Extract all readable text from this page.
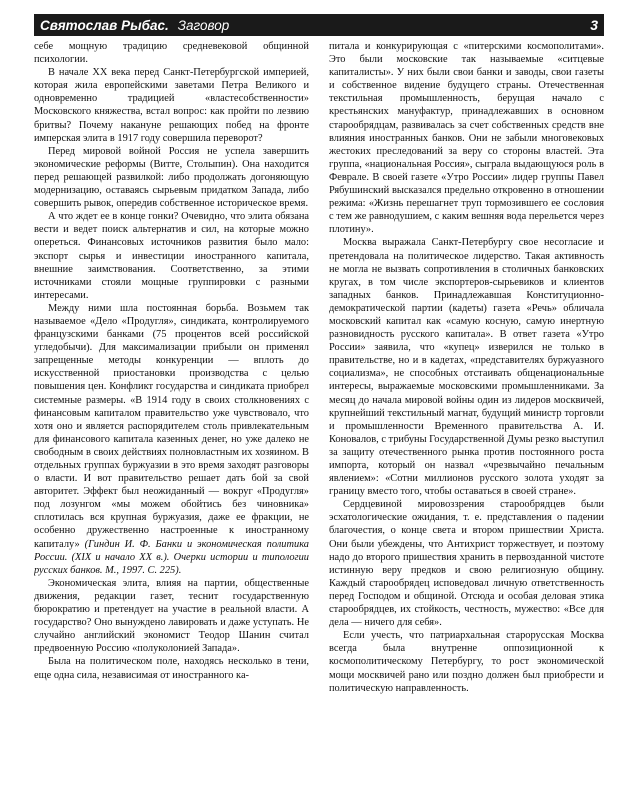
Святослав Рыбас. Заговор	3

себе мощную традицию средневековой общинной психологии.

В начале XX века перед Санкт-Петербургской империей, которая жила европейскими заветами Петра Великого и одновременно традицией «властесобственности» Московского княжества, встал вопрос: как пройти по лезвию бритвы? Почему накануне решающих побед на фронте имперская элита в 1917 году совершила переворот?

Перед мировой войной Россия не успела завершить экономические реформы (Витте, Столыпин). Она находится перед решающей развилкой: либо продолжать догоняющую модернизацию, оставаясь сырьевым придатком Запада, либо совершить рывок, опередив собственное историческое время.

А что ждет ее в конце гонки? Очевидно, что элита обязана вести и ведет поиск альтернатив и сил, на которые можно опереться. Финансовых источников развития было мало: экспорт сырья и инвестиции иностранного капитала, внешние заимствования. Соответственно, за этими источниками стояли мощные группировки с разными интересами.

Между ними шла постоянная борьба. Возьмем так называемое «Дело «Продугля», синдиката, контролируемого французскими банками (75 процентов всей российской угледобычи). Для максимализации прибыли он применял запрещенные методы конкуренции — вплоть до искусственной приостановки производства с целью повышения цен. Конфликт государства и синдиката приобрел системные размеры. «В 1914 году в своих столкновениях с финансовым капиталом правительство уже чувствовало, что хотя оно и является распорядителем столь привлекательным для финансового капитала казенных денег, но уже далеко не свободным в своих действиях полновластным их хозяином. В отдельных группах буржуазии в это время заходят разговоры о власти. И вот правительство решает дать бой за свой авторитет. Эффект был неожиданный — вокруг «Продугля» под лозунгом «мы можем обойтись без чиновника» сплотилась вся крупная буржуазия, даже ее фракции, не особенно дружественно настроенные к иностранному капиталу» (Гиндин И. Ф. Банки и экономическая политика России. (XIX и начало XX в.). Очерки истории и типологии русских банков. М., 1997. С. 225).

Экономическая элита, влияя на партии, общественные движения, редакции газет, теснит государственную бюрократию и претендует на участие в реальной власти. А государство? Оно вынуждено лавировать и даже уступать. Не случайно английский экономист Теодор Шанин считал предвоенную Россию «полуколонией Запада».

Была на политическом поле, находясь несколько в тени, еще одна сила, независимая от иностранного ка-

питала и конкурирующая с «питерскими космополитами». Это были московские так называемые «ситцевые капиталисты». У них были свои банки и заводы, свои газеты и собственное видение будущего страны. Отечественная текстильная промышленность, берущая начало с крестьянских мануфактур, принадлежавших в основном старообрядцам, развивалась за счет собственных средств вне влияния иностранных банков. Они не забыли многовековых жестоких преследований за веру со стороны властей. Эта группа, «национальная Россия», сыграла выдающуюся роль в Феврале. В своей газете «Утро России» лидер группы Павел Рябушинский высказался предельно откровенно в отношении режима: «Жизнь перешагнет труп тормозившего ее сословия с тем же равнодушием, с каким вешняя вода перельется через плотину».

Москва выражала Санкт-Петербургу свое несогласие и претендовала на политическое лидерство. Такая активность не могла не вызвать сопротивления в столичных банковских кругах, в том числе экспортеров-сырьевиков и клиентов западных банков. Принадлежавшая Конституционно-демократической партии (кадеты) газета «Речь» обличала московский капитал как «самую косную, самую инертную разновидность русского капитала». В ответ газета «Утро России» заявила, что «купец» изверился не только в правительстве, но и в кадетах, «представителях буржуазного социализма», не способных отстаивать общенациональные интересы, выражаемые московскими промышленниками. За месяц до начала мировой войны один из лидеров москвичей, крупнейший текстильный магнат, будущий министр торговли и промышленности Временного правительства А. И. Коновалов, с трибуны Государственной Думы резко выступил за защиту отечественного рынка против постоянного роста импорта, который он назвал «чрезвычайно печальным явлением»: «Сотни миллионов русского золота уходят за границу вместо того, чтобы оставаться в своей стране».

Сердцевиной мировоззрения старообрядцев были эсхатологические ожидания, т. е. представления о падении благочестия, о конце света и втором пришествии Христа. Они были убеждены, что Антихрист торжествует, и поэтому надо до второго пришествия хранить в первозданной чистоте истинную веру предков и свою религиозную общину. Каждый старообрядец исповедовал личную ответственность перед Господом и общиной. Отсюда и особая деловая этика старообрядцев, их стойкость, честность, мужество: «Все для дела — ничего для себя».

Если учесть, что патриархальная старорусская Москва всегда была внутренне оппозиционной к космополитическому Петербургу, то рост экономической мощи москвичей рано или поздно должен был приобрести и политическую направленность.
